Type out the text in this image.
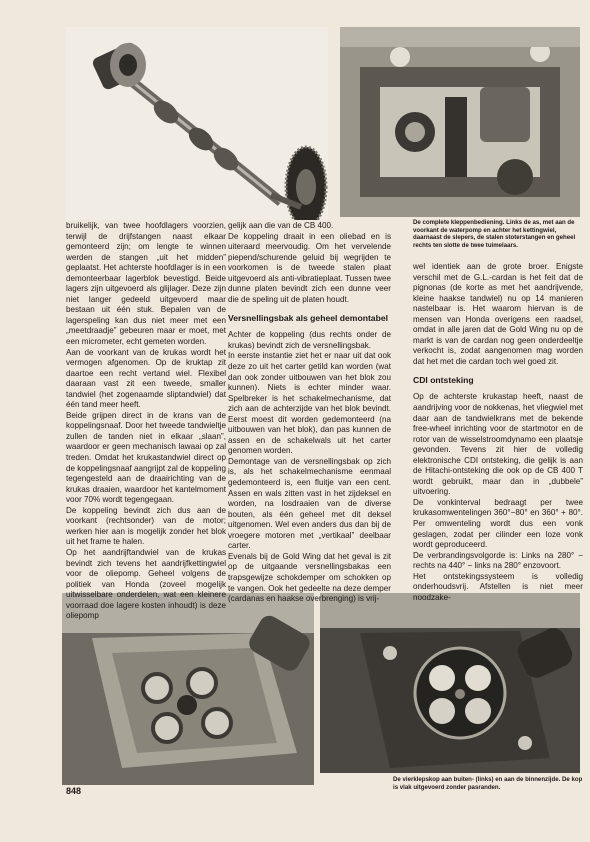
De complete kleppenbediening. Links de as, met aan de voorkant de waterpomp en achter het kettingwiel, daarnaast de slepers, de stalen stoterstangen en geheel rechts ten slotte de twee tuimelaars.

bruikelijk, van twee hoofdlagers voorzien, terwijl de drijfstangen naast elkaar gemonteerd zijn; om lengte te winnen werden de stangen „uit het midden” geplaatst. Het achterste hoofdlager is in een demonteerbaar lagerblok bevestigd. Beide lagers zijn uitgevoerd als glijlager. Deze zijn niet langer gedeeld uitgevoerd maar bestaan uit één stuk. Bepalen van de lagerspeling kan dus niet meer met een „meetdraadje” gebeuren maar er moet, met een micrometer, echt gemeten worden.

Aan de voorkant van de krukas wordt het vermogen afgenomen. Op de kruktap zit daartoe een recht vertand wiel. Flexibel daaraan vast zit een tweede, smaller tandwiel (het zogenaamde sliptandwiel) dat één tand meer heeft.

Beide grijpen direct in de krans van de koppelingsnaaf. Door het tweede tandwieltje zullen de tanden niet in elkaar „slaan”, waardoor er geen mechanisch lawaai op zal treden. Omdat het krukastandwiel direct op de koppelingsnaaf aangrijpt zal de koppeling tegengesteld aan de draairichting van de krukas draaien, waardoor het kantelmoment voor 70% wordt tegengegaan.

De koppeling bevindt zich dus aan de voorkant (rechtsonder) van de motor; werken hier aan is mogelijk zonder het blok uit het frame te halen.

Op het aandrijftandwiel van de krukas bevindt zich tevens het aandrijfkettingwiel voor de oliepomp. Geheel volgens de politiek van Honda (zoveel mogelijk uitwisselbare onderdelen, wat een kleinere voorraad doe lagere kosten inhoudt) is deze oliepomp

gelijk aan die van de CB 400.

De koppeling draait in een oliebad en is uiteraard meervoudig. Om het vervelende piepend/schurende geluid bij wegrijden te voorkomen is de tweede stalen plaat uitgevoerd als anti-vibratieplaat. Tussen twee dunne platen bevindt zich een dunne veer die de speling uit de platen houdt.

Versnellingsbak als geheel demontabel

Achter de koppeling (dus rechts onder de krukas) bevindt zich de versnellingsbak.

In eerste instantie ziet het er naar uit dat ook deze zo uit het carter getild kan worden (wat dan ook zonder uitbouwen van het blok zou kunnen). Niets is echter minder waar. Spelbreker is het schakelmechanisme, dat zich aan de achterzijde van het blok bevindt. Eerst moest dit worden gedemonteerd (na uitbouwen van het blok), dan pas kunnen de assen en de schakelwals uit het carter genomen worden.

Demontage van de versnellingsbak op zich is, als het schakelmechanisme eenmaal gedemonteerd is, een fluitje van een cent. Assen en wals zitten vast in het zijdeksel en worden, na losdraaien van de diverse bouten, als één geheel met dit deksel uitgenomen. Wel even anders dus dan bij de vroegere motoren met „vertikaal” deelbaar carter.

Evenals bij de Gold Wing dat het geval is zit op de uitgaande versnellingsbakas een trapsgewijze schokdemper om schokken op te vangen. Ook het gedeelte na deze demper (cardanas en haakse overbrenging) is vrij-

wel identiek aan de grote broer. Enigste verschil met de G.L.-cardan is het feit dat de pignonas (de korte as met het aandrijvende, kleine haakse tandwiel) nu op 14 manieren nastelbaar is. Het waarom hiervan is de mensen van Honda overigens een raadsel, omdat in alle jaren dat de Gold Wing nu op de markt is van de cardan nog geen onderdeeltje verkocht is, zodat aangenomen mag worden dat het met die cardan toch wel goed zit.

CDI ontsteking

Op de achterste krukastap heeft, naast de aandrijving voor de nokkenas, het vliegwiel met daar aan de tandwielkrans met de bekende free-wheel inrichting voor de startmotor en de rotor van de wisselstroomdynamo een plaatsje gevonden. Tevens zit hier de volledig elektronische CDI ontsteking, die gelijk is aan de Hitachi-ontsteking die ook op de CB 400 T wordt gebruikt, maar dan in „dubbele” uitvoering.

De vonkinterval bedraagt per twee krukasomwentelingen 360°−80° en 360° + 80°. Per omwenteling wordt dus een vonk geslagen, zodat per cilinder een loze vonk wordt geproduceerd.

De verbrandingsvolgorde is: Links na 280° − rechts na 440° − links na 280° enzovoort.

Het ontstekingssysteem is volledig onderhoudsvrij. Afstellen is niet meer noodzake-

848
De vierklepskop aan buiten- (links) en aan de binnenzijde. De kop is vlak uitgevoerd zonder pasranden.
